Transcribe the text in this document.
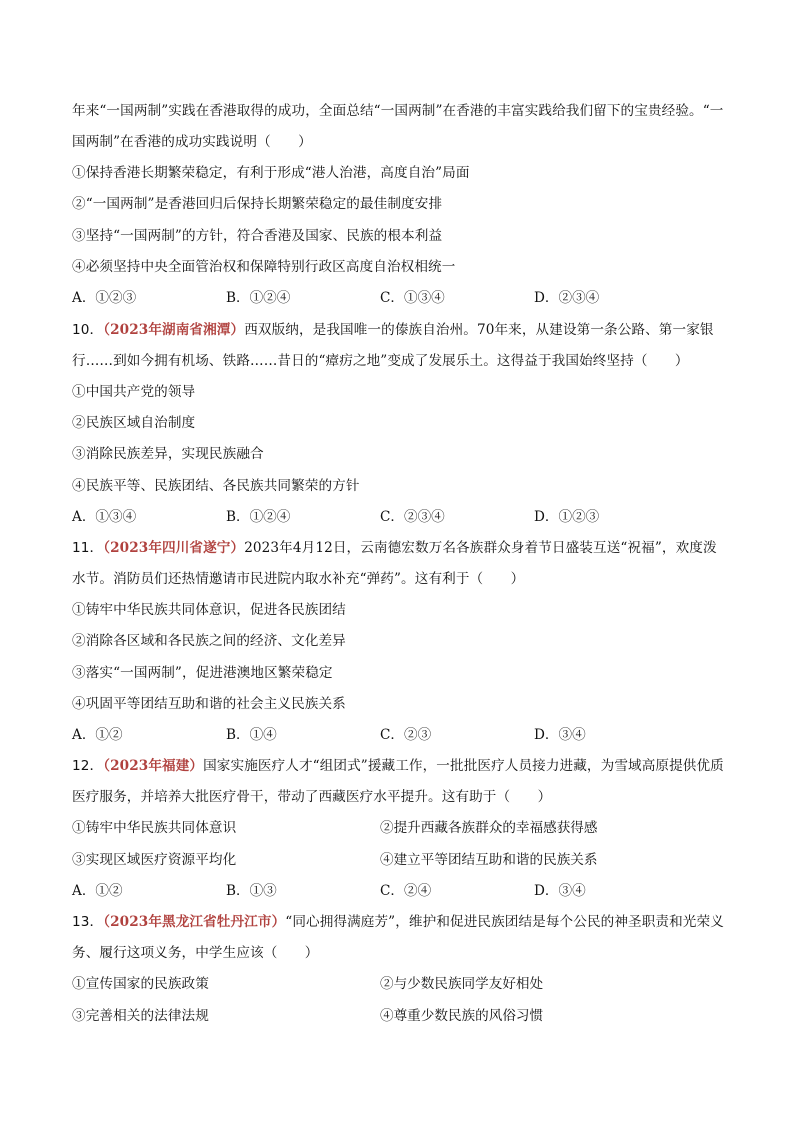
年来“一国两制”实践在香港取得的成功，全面总结“一国两制”在香港的丰富实践给我们留下的宝贵经验。“一
国两制”在香港的成功实践说明（　　）
①保持香港长期繁荣稳定，有利于形成“港人治港，高度自治”局面
②“一国两制”是香港回归后保持长期繁荣稳定的最佳制度安排
③坚持“一国两制”的方针，符合香港及国家、民族的根本利益
④必须坚持中央全面管治权和保障特别行政区高度自治权相统一
A．①②③	B．①②④	C．①③④	D．②③④
10．（2023年湖南省湘潭）西双版纳，是我国唯一的傣族自治州。70年来，从建设第一条公路、第一家银
行……到如今拥有机场、铁路……昔日的“瘴疠之地”变成了发展乐土。这得益于我国始终坚持（　　）
①中国共产党的领导
②民族区域自治制度
③消除民族差异，实现民族融合
④民族平等、民族团结、各民族共同繁荣的方针
A．①③④	B．①②④	C．②③④	D．①②③
11．（2023年四川省遂宁）2023年4月12日，云南德宏数万名各族群众身着节日盛装互送“祝福”，欢度泼
水节。消防员们还热情邀请市民进院内取水补充“弹药”。这有利于（　　）
①铸牢中华民族共同体意识，促进各民族团结
②消除各区域和各民族之间的经济、文化差异
③落实“一国两制”，促进港澳地区繁荣稳定
④巩固平等团结互助和谐的社会主义民族关系
A．①②	B．①④	C．②③	D．③④
12．（2023年福建）国家实施医疗人才“组团式”援藏工作，一批批医疗人员接力进藏，为雪域高原提供优质
医疗服务，并培养大批医疗骨干，带动了西藏医疗水平提升。这有助于（　　）
①铸牢中华民族共同体意识	②提升西藏各族群众的幸福感获得感
③实现区域医疗资源平均化	④建立平等团结互助和谐的民族关系
A．①②	B．①③	C．②④	D．③④
13．（2023年黑龙江省牡丹江市）“同心拥得满庭芳”，维护和促进民族团结是每个公民的神圣职责和光荣义
务、履行这项义务，中学生应该（　　）
①宣传国家的民族政策	②与少数民族同学友好相处
③完善相关的法律法规	④尊重少数民族的风俗习惯
